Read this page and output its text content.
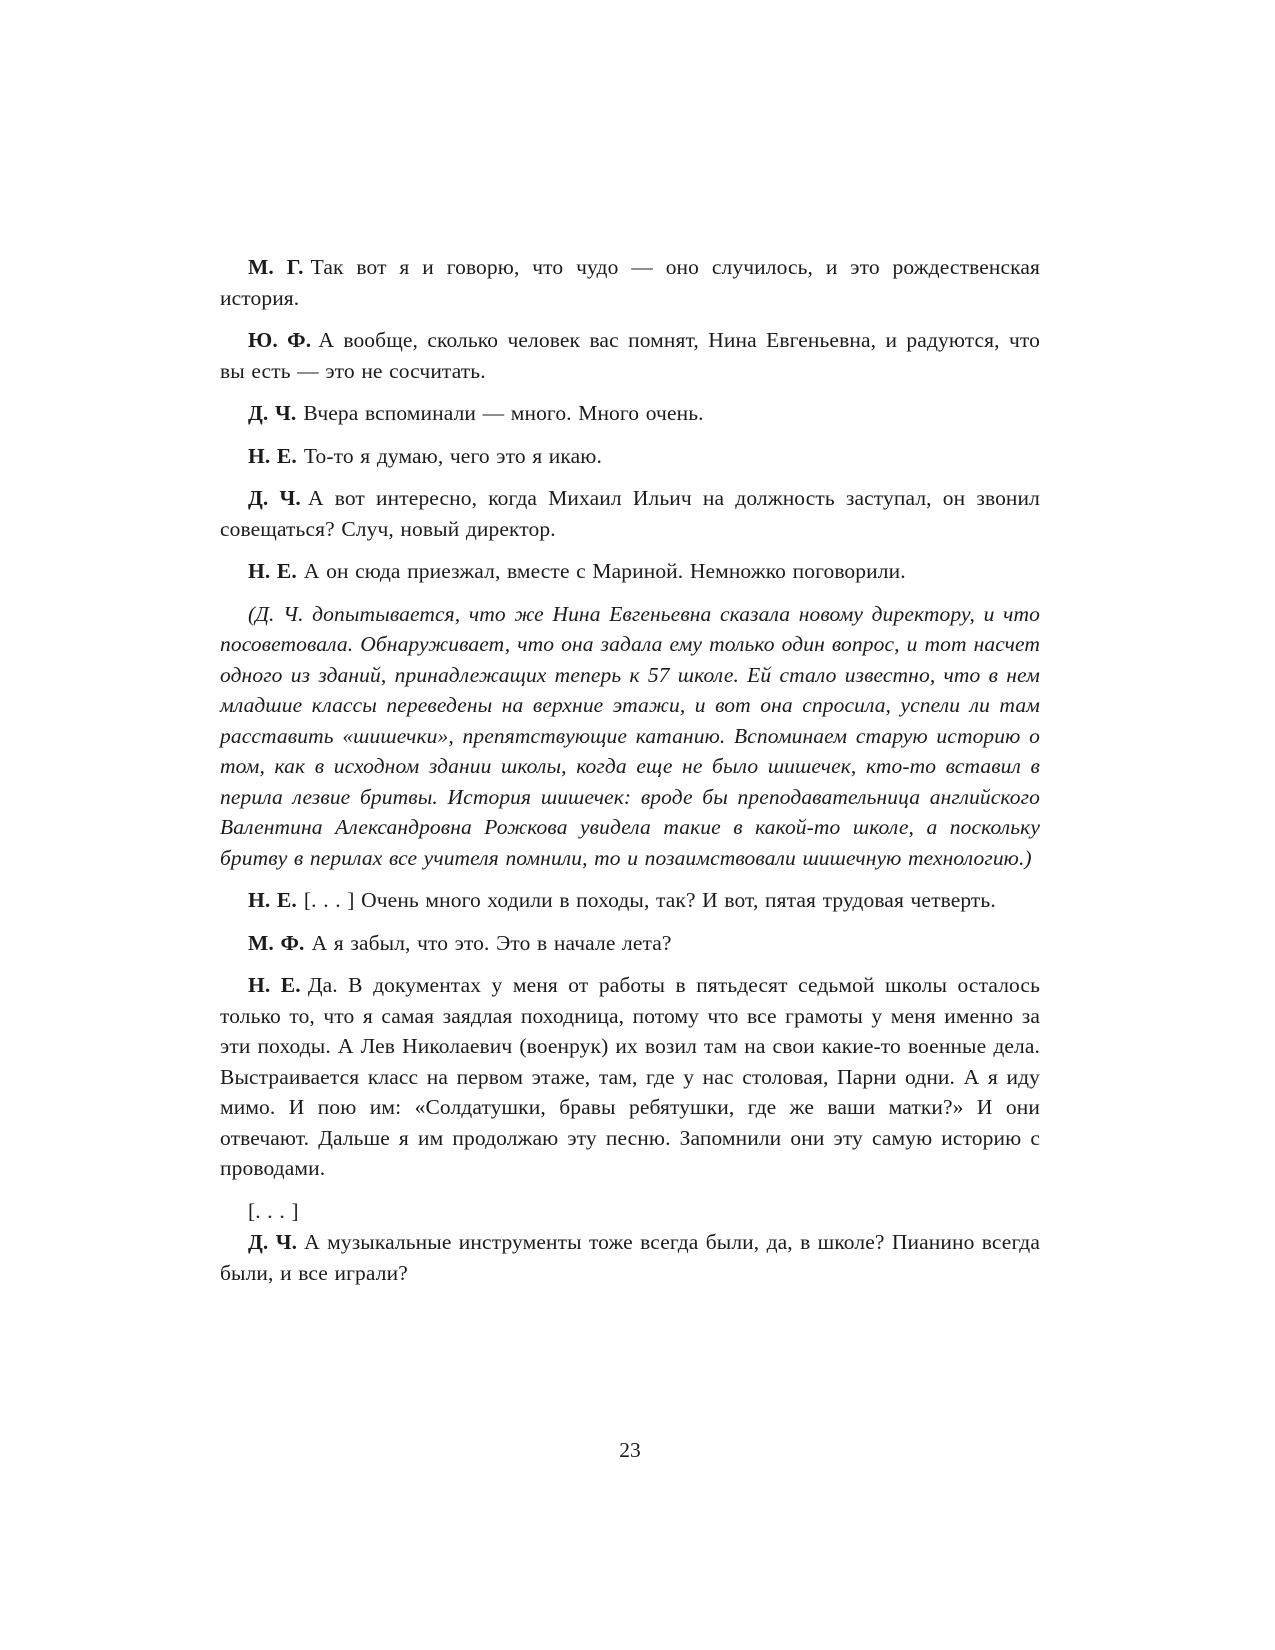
М. Г. Так вот я и говорю, что чудо — оно случилось, и это рождественская история.

Ю. Ф. А вообще, сколько человек вас помнят, Нина Евгеньевна, и радуются, что вы есть — это не сосчитать.

Д. Ч. Вчера вспоминали — много. Много очень.

Н. Е. То-то я думаю, чего это я икаю.

Д. Ч. А вот интересно, когда Михаил Ильич на должность заступал, он звонил совещаться? Случ, новый директор.

Н. Е. А он сюда приезжал, вместе с Мариной. Немножко поговорили.

(Д. Ч. допытывается, что же Нина Евгеньевна сказала новому директору, и что посоветовала. Обнаруживает, что она задала ему только один вопрос, и тот насчет одного из зданий, принадлежащих теперь к 57 школе. Ей стало известно, что в нем младшие классы переведены на верхние этажи, и вот она спросила, успели ли там расставить «шишечки», препятствующие катанию. Вспоминаем старую историю о том, как в исходном здании школы, когда еще не было шишечек, кто-то вставил в перила лезвие бритвы. История шишечек: вроде бы преподавательница английского Валентина Александровна Рожкова увидела такие в какой-то школе, а поскольку бритву в перилах все учителя помнили, то и позаимствовали шишечную технологию.)

Н. Е. [. . . ] Очень много ходили в походы, так? И вот, пятая трудовая четверть.

М. Ф. А я забыл, что это. Это в начале лета?

Н. Е. Да. В документах у меня от работы в пятьдесят седьмой школы осталось только то, что я самая заядлая походница, потому что все грамоты у меня именно за эти походы. А Лев Николаевич (военрук) их возил там на свои какие-то военные дела. Выстраивается класс на первом этаже, там, где у нас столовая, Парни одни. А я иду мимо. И пою им: «Солдатушки, бравы ребятушки, где же ваши матки?» И они отвечают. Дальше я им продолжаю эту песню. Запомнили они эту самую историю с проводами.

[. . . ]

Д. Ч. А музыкальные инструменты тоже всегда были, да, в школе? Пианино всегда были, и все играли?

23
